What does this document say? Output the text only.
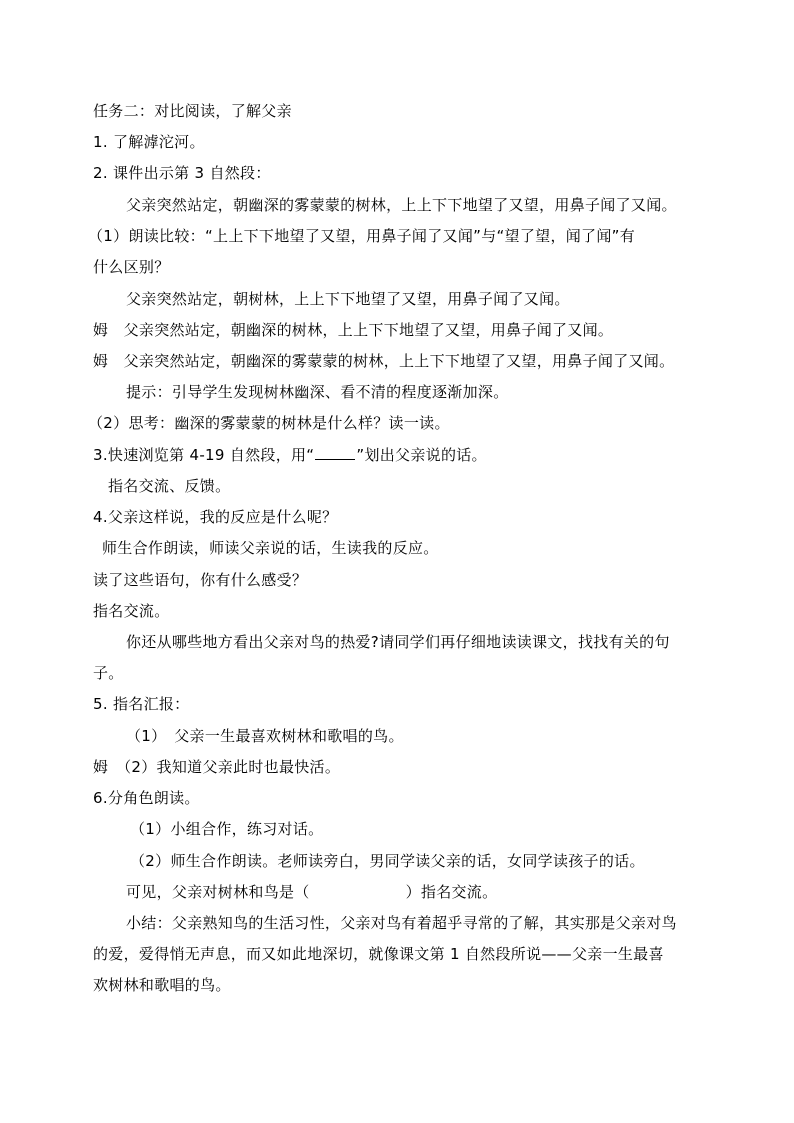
任务二：对比阅读，了解父亲
1. 了解滹沱河。
2. 课件出示第 3 自然段：
父亲突然站定，朝幽深的雾蒙蒙的树林，上上下下地望了又望，用鼻子闻了又闻。
（1）朗读比较：“上上下下地望了又望，用鼻子闻了又闻”与“望了望，闻了闻”有
什么区别？
父亲突然站定，朝树林，上上下下地望了又望，用鼻子闻了又闻。
姆　父亲突然站定，朝幽深的树林，上上下下地望了又望，用鼻子闻了又闻。
姆　父亲突然站定，朝幽深的雾蒙蒙的树林，上上下下地望了又望，用鼻子闻了又闻。
提示：引导学生发现树林幽深、看不清的程度逐渐加深。
（2）思考：幽深的雾蒙蒙的树林是什么样？读一读。
3.快速浏览第 4-19 自然段，用“	”划出父亲说的话。
指名交流、反馈。
4.父亲这样说，我的反应是什么呢？
师生合作朗读，师读父亲说的话，生读我的反应。
读了这些语句，你有什么感受？
指名交流。
你还从哪些地方看出父亲对鸟的热爱?请同学们再仔细地读读课文，找找有关的句
子。
5. 指名汇报：
（1）　父亲一生最喜欢树林和歌唱的鸟。
姆　（2）我知道父亲此时也最快活。
6.分角色朗读。
（1）小组合作，练习对话。
（2）师生合作朗读。老师读旁白，男同学读父亲的话，女同学读孩子的话。
可见，父亲对树林和鸟是（	）指名交流。
小结：父亲熟知鸟的生活习性，父亲对鸟有着超乎寻常的了解，其实那是父亲对鸟
的爱，爱得悄无声息，而又如此地深切，就像课文第 1 自然段所说——父亲一生最喜
欢树林和歌唱的鸟。
